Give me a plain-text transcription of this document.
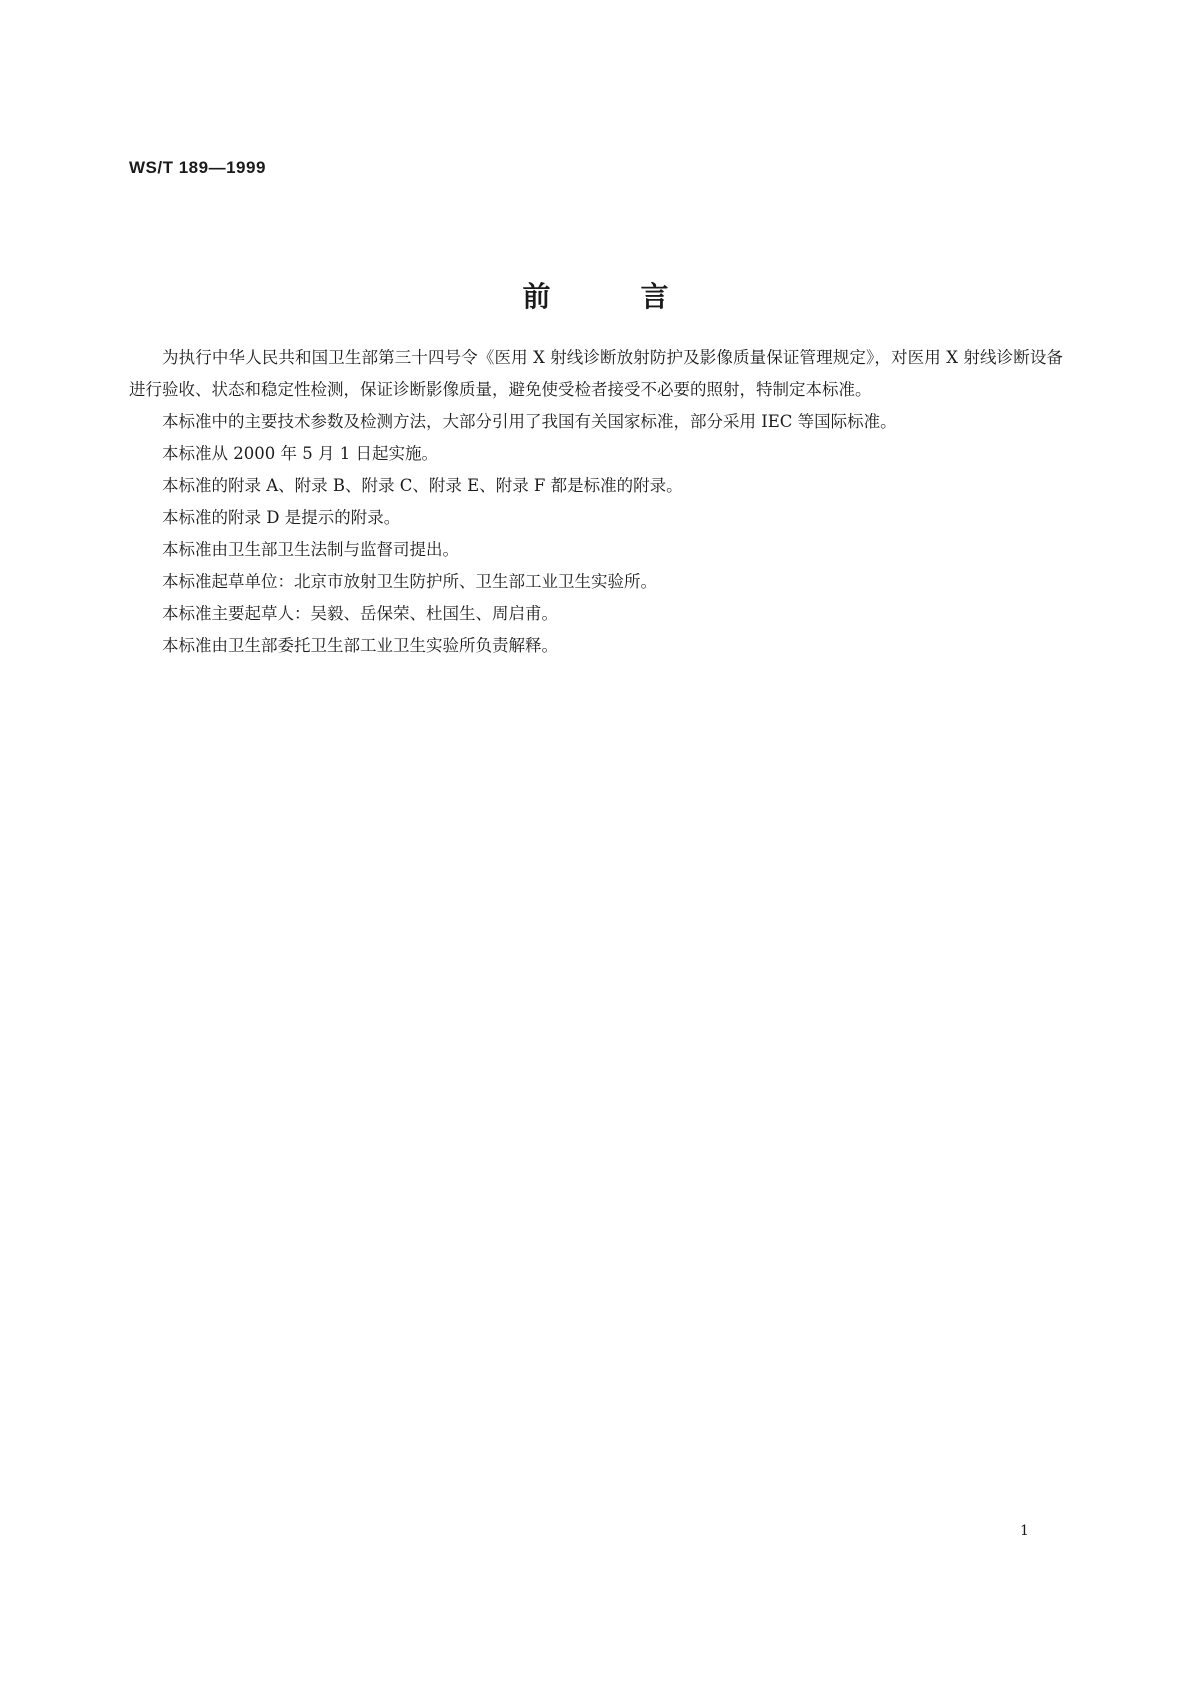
WS/T 189—1999
前言

为执行中华人民共和国卫生部第三十四号令《医用 X 射线诊断放射防护及影像质量保证管理规定》，对医用 X 射线诊断设备进行验收、状态和稳定性检测，保证诊断影像质量，避免使受检者接受不必要的照射，特制定本标准。

本标准中的主要技术参数及检测方法，大部分引用了我国有关国家标准，部分采用 IEC 等国际标准。

本标准从 2000 年 5 月 1 日起实施。

本标准的附录 A、附录 B、附录 C、附录 E、附录 F 都是标准的附录。

本标准的附录 D 是提示的附录。

本标准由卫生部卫生法制与监督司提出。

本标准起草单位：北京市放射卫生防护所、卫生部工业卫生实验所。

本标准主要起草人：吴毅、岳保荣、杜国生、周启甫。

本标准由卫生部委托卫生部工业卫生实验所负责解释。

1
